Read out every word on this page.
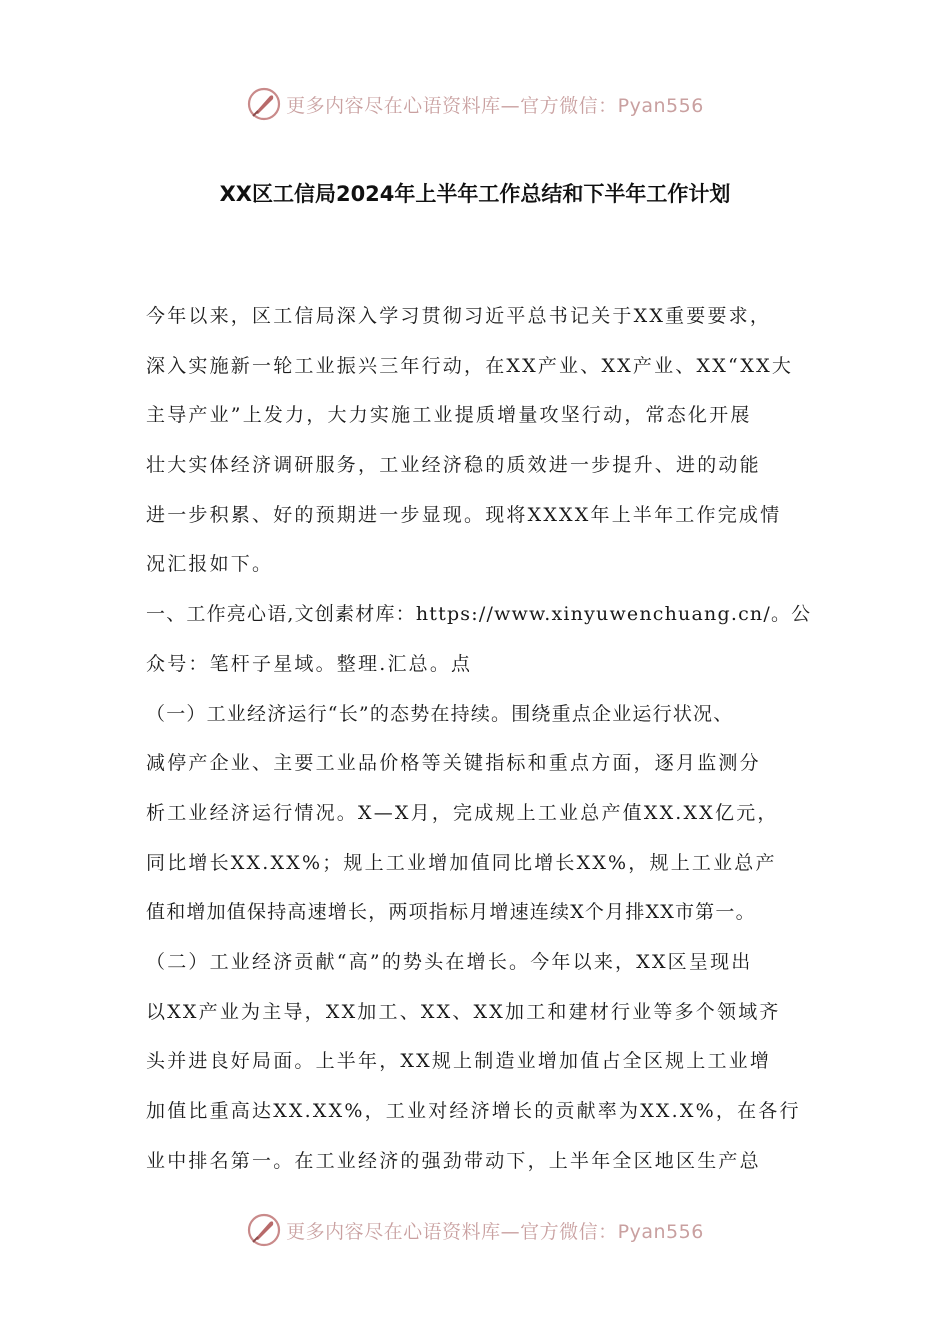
更多内容尽在心语资料库—官方微信：Pyan556
XX区工信局2024年上半年工作总结和下半年工作计划
今年以来，区工信局深入学习贯彻习近平总书记关于XX重要要求，
深入实施新一轮工业振兴三年行动，在XX产业、XX产业、XX“XX大
主导产业”上发力，大力实施工业提质增量攻坚行动，常态化开展
壮大实体经济调研服务，工业经济稳的质效进一步提升、进的动能
进一步积累、好的预期进一步显现。现将XXXX年上半年工作完成情
况汇报如下。
一、工作亮心语,文创素材库：https://www.xinyuwenchuang.cn/。公
众号：笔杆子星域。整理.汇总。点
（一）工业经济运行“长”的态势在持续。围绕重点企业运行状况、
减停产企业、主要工业品价格等关键指标和重点方面，逐月监测分
析工业经济运行情况。X—X月，完成规上工业总产值XX.XX亿元，
同比增长XX.XX%；规上工业增加值同比增长XX%，规上工业总产
值和增加值保持高速增长，两项指标月增速连续X个月排XX市第一。
（二）工业经济贡献“高”的势头在增长。今年以来，XX区呈现出
以XX产业为主导，XX加工、XX、XX加工和建材行业等多个领域齐
头并进良好局面。上半年，XX规上制造业增加值占全区规上工业增
加值比重高达XX.XX%，工业对经济增长的贡献率为XX.X%，在各行
业中排名第一。在工业经济的强劲带动下，上半年全区地区生产总
更多内容尽在心语资料库—官方微信：Pyan556
